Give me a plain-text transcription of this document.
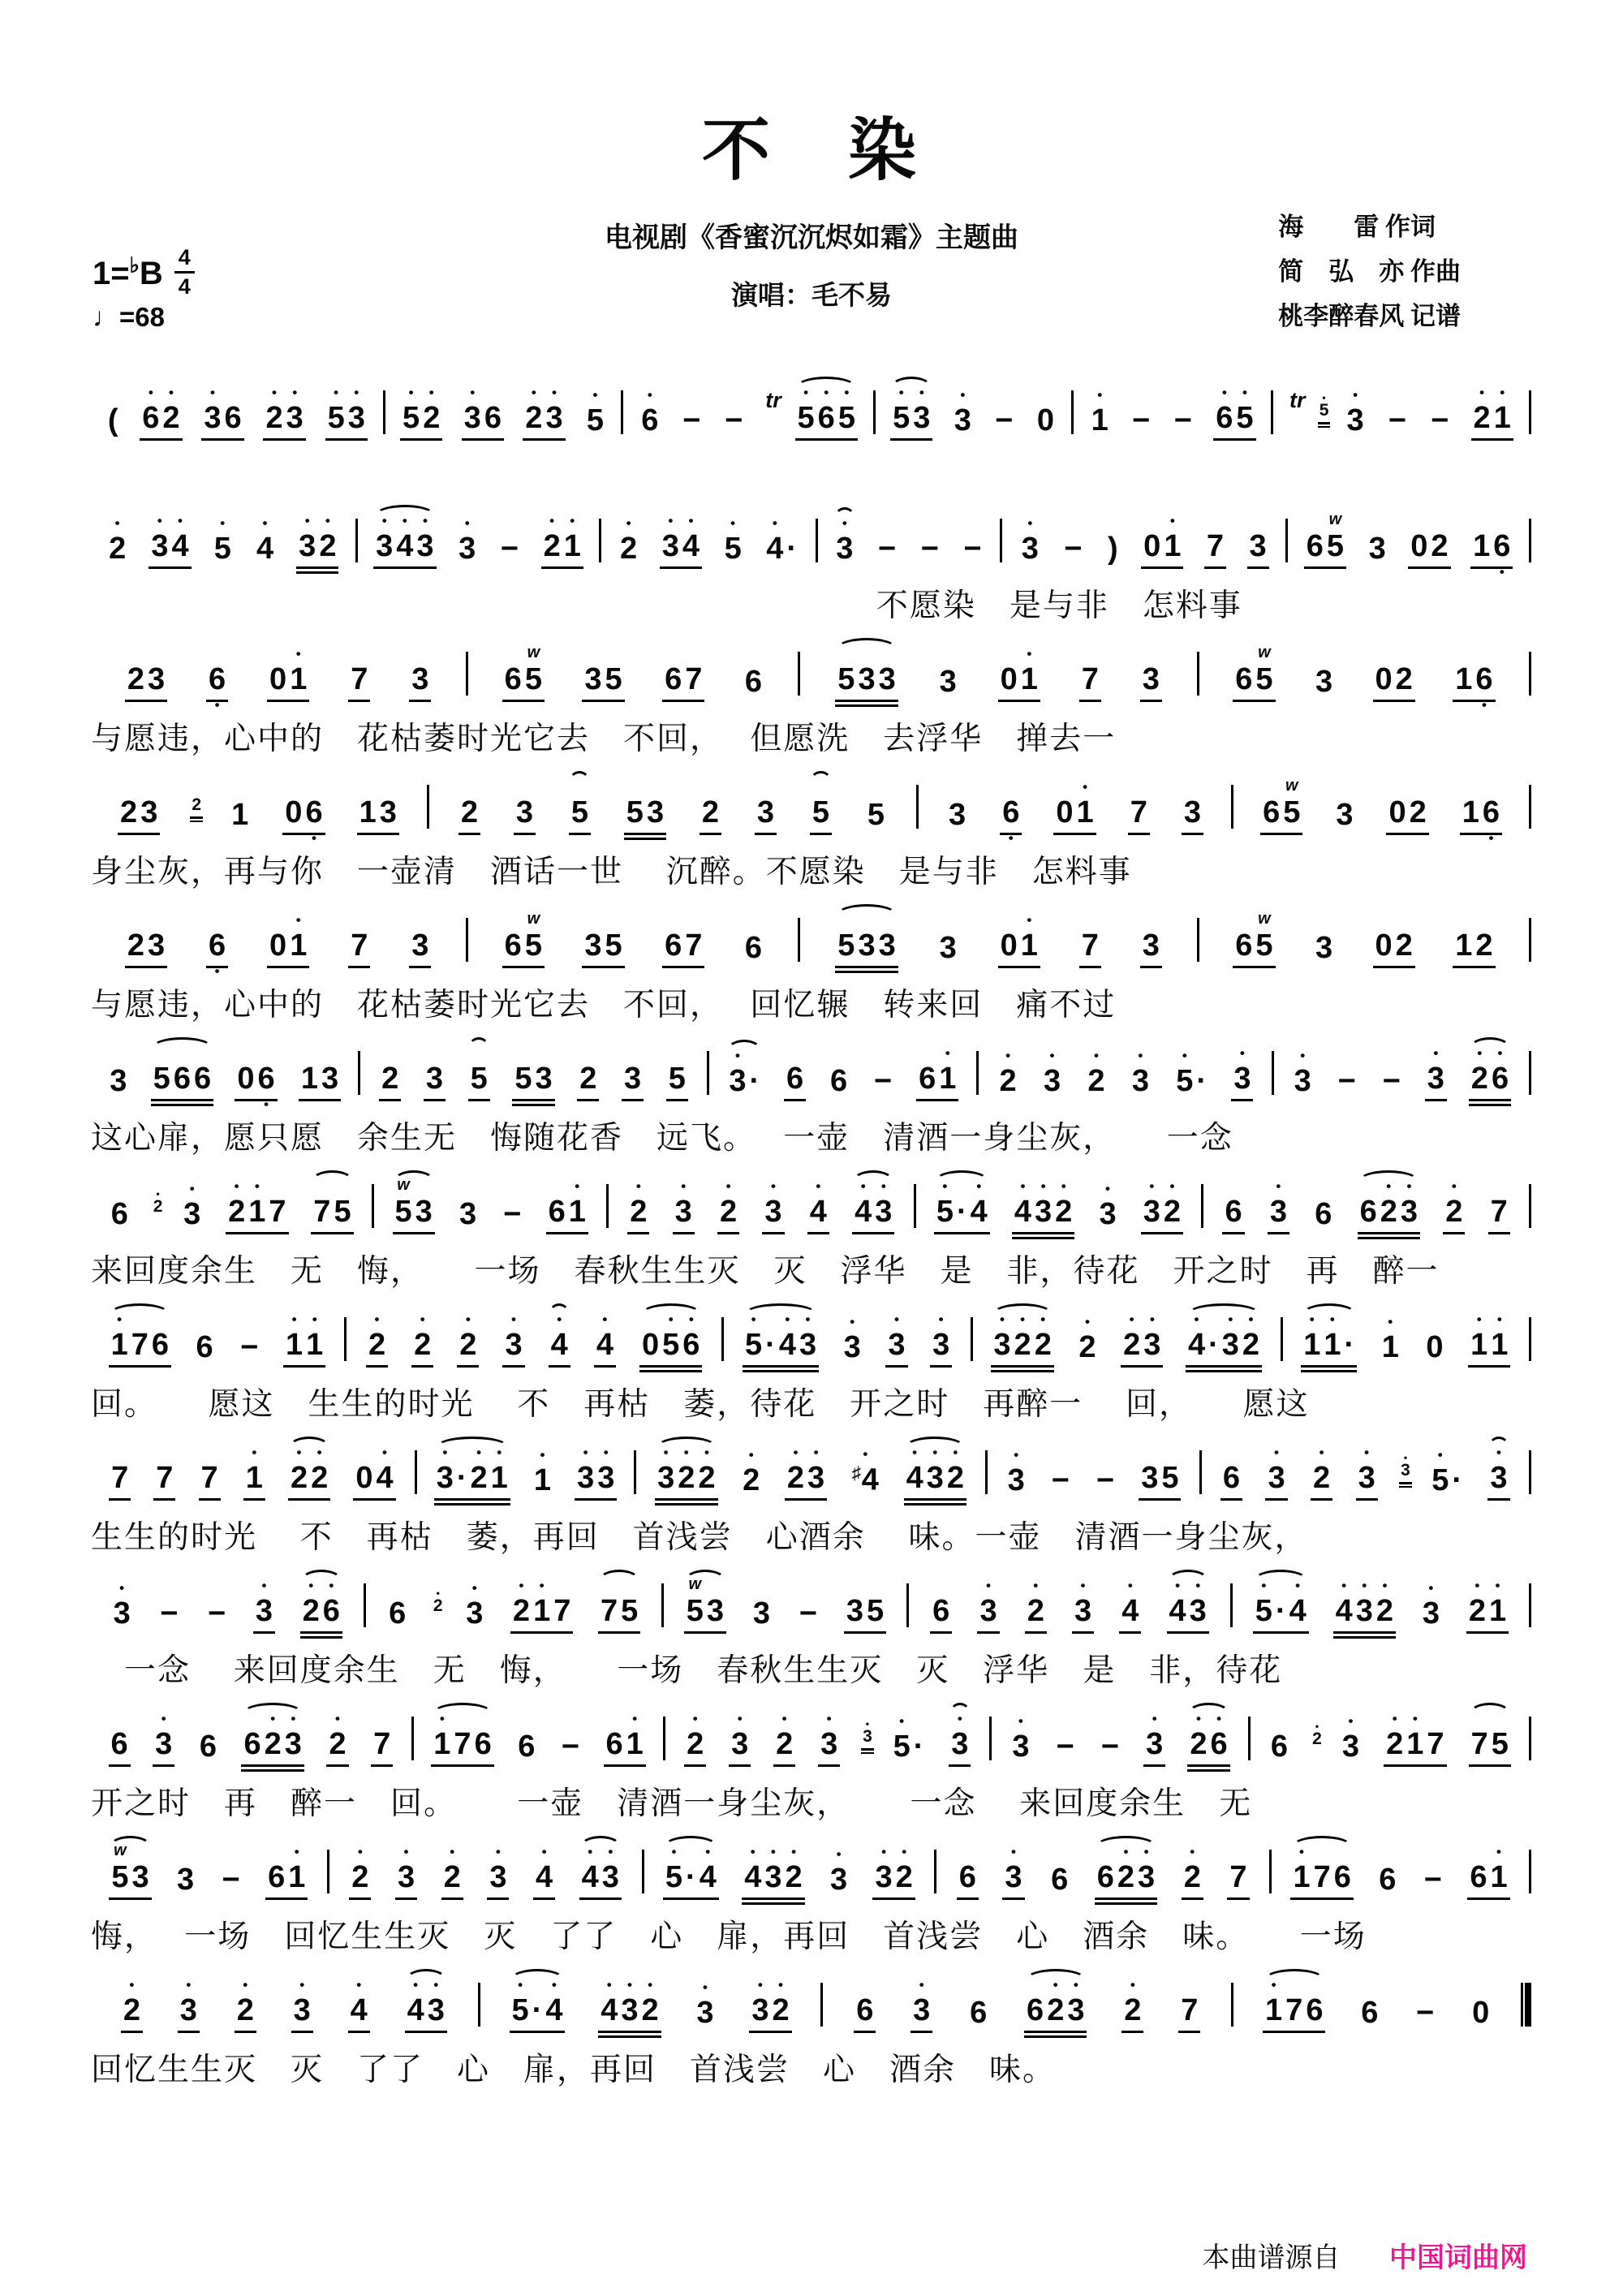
不　染
电视剧《香蜜沉沉烬如霜》主题曲
演唱：毛不易
海　　雷 作词
简　弘　亦 作曲
桃李醉春风 记谱
$1=^♭B \frac{4}{4}$
♩=68
( 6
•
2
•
3
•
6 2
•
3
•
5
•
3
•
5
•
2
•
3
•
6 2
•
3
•
5
•
6
•
− −
tr
5
•
6
•
5
•
5
•
3
•
3
•
− 0 1
•
− − 6
•
5
• tr 5
•
3
•
− − 2
•
1
•
2
•
3
•
4
•
5
•
4
•
3
•
2
•
3
•
4
•
3
•
3
•
− 2
•
1
•
2
•
3
•
4
•
5
•
4
•
· 3
•
− − − 3
•
− ) 0 1
•
7 3 6 5
w
3 0 2 1 6
•
不愿染　是与非　怎料事
2 3 6
•
0 1
•
7 3 6 5
w
3 5 6 7 6 5 3 3 3 0 1
•
7 3 6 5
w
3 0 2 1 6
•
与愿违，心中的　花枯萎时光它去　不回，　 但愿洗　去浮华　掸去一
2 3 2 1 0 6
•
1 3 2 3 5 5 3 2 3 5 5 3 6
•
0 1
•
7 3 6 5
w
3 0 2 1 6
•
身尘灰，再与你　一壶清　酒话一世　 沉醉。不愿染　是与非　怎料事
2 3 6
•
0 1
•
7 3 6 5
w
3 5 6 7 6 5 3 3 3 0 1
•
7 3 6 5
w
3 0 2 1 2
与愿违，心中的　花枯萎时光它去　不回，　 回忆辗　转来回　痛不过
3 5 6 6 0 6
•
1 3 2 3 5 5 3 2 3 5 3
•
· 6 6 − 6 1
•
2
•
3
•
2
•
3
•
5
•
· 3
•
3
•
− − 3
•
2
•
6
•
这心扉，愿只愿　余生无　悔随花香　远飞。　 一壶　清酒一身尘灰，　　一念
6 2
•
3
•
2
•
1
•
7 7 5 5
w
3 3 − 6 1
•
2
•
3
•
2
•
3
•
4
•
4
•
3
•
5
•
· 4
•
4
•
3
•
2
•
3
•
3
•
2
•
6 3
•
6 6 2
•
3
•
2
•
7
来回度余生　无　悔，　　一场　春秋生生灭　灭　浮华　是　非，待花　开之时　再　醉一
1
•
7 6 6 − 1
•
1
•
2
•
2
•
2
•
3
•
4
•
4
•
0 5
•
6
•
5
•
· 4
•
3
•
3
•
3
•
3
•
3
•
2
•
2
•
2
•
2
•
3
•
4
•
· 3
•
2
•
1
•
1
•
· 1
•
0 1
•
1
•
回。　　愿这　生生的时光　 不　再枯　萎，待花　开之时　再醉一　 回，　　愿这
7 7 7 1
•
2
•
2
•
0 4
•
3
•
· 2
•
1
•
1
•
3
•
3
•
3
•
2
•
2
•
2
•
2
•
3
•
♯4
•
4
•
3
•
2
•
3
•
− − 3 5 6 3
•
2
•
3
•
3
•
5
•
· 3
•
生生的时光　 不　再枯　萎，再回　首浅尝　心酒余　 味。一壶　清酒一身尘灰，
3
•
− − 3
•
2
•
6
•
6 2
•
3
•
2
•
1
•
7 7 5 5
w
3 3 − 3 5 6 3
•
2
•
3
•
4
•
4
•
3
•
5
•
· 4
•
4
•
3
•
2
•
3
•
2
•
1
•
　一念　 来回度余生　无　悔，　　一场　春秋生生灭　灭　浮华　是　非，待花
6 3
•
6 6 2
•
3
•
2
•
7 1
•
7 6 6 − 6 1
•
2
•
3
•
2
•
3
•
3
•
5
•
· 3
•
3
•
− − 3
•
2
•
6
•
6 2
•
3
•
2
•
1
•
7 7 5
开之时　再　醉一　回。　　 一壶　清酒一身尘灰，　　 一念　 来回度余生　无
5
w
3 3 − 6 1
•
2
•
3
•
2
•
3
•
4
•
4
•
3
•
5
•
· 4
•
4
•
3
•
2
•
3
•
3
•
2
•
6 3
•
6 6 2
•
3
•
2
•
7 1
•
7 6 6 − 6 1
•
悔，　 一场　回忆生生灭　灭　了了　心　扉，再回　首浅尝　心　酒余　味。　　一场
2
•
3
•
2
•
3
•
4
•
4
•
3
•
5
•
· 4
•
4
•
3
•
2
•
3
•
3
•
2
•
6 3
•
6 6 2
•
3
•
2
•
7 1
•
7 6 6 − 0
回忆生生灭　灭　了了　心　扉，再回　首浅尝　心　酒余　味。
本曲谱源自 中国词曲网
